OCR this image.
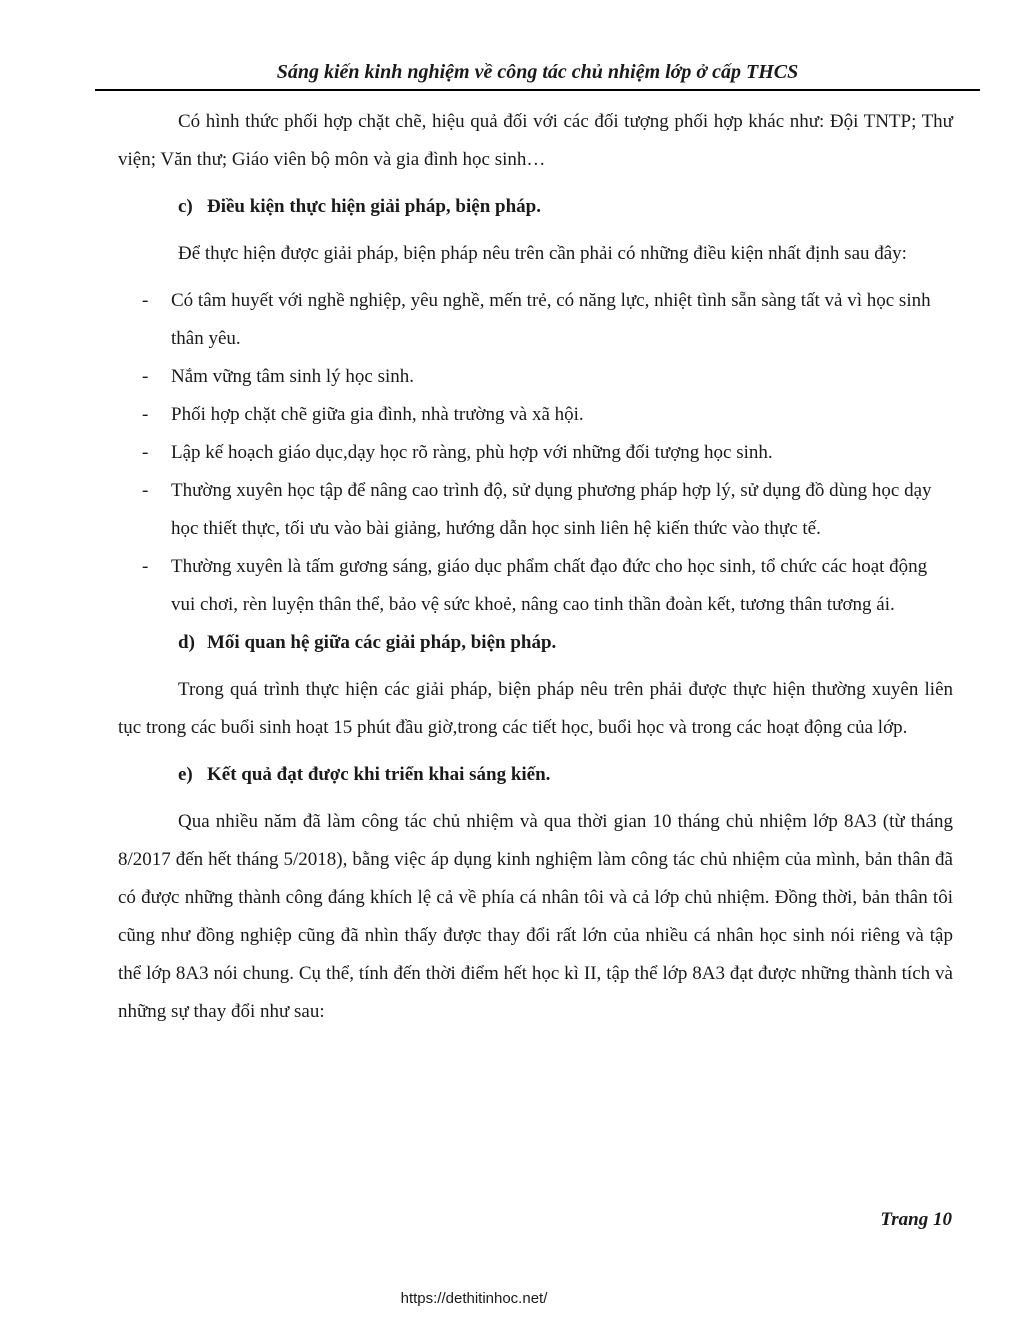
Sáng kiến kinh nghiệm về công tác chủ nhiệm lớp ở cấp THCS

Có hình thức phối hợp chặt chẽ, hiệu quả đối với các đối tượng phối hợp khác như: Đội TNTP; Thư viện; Văn thư; Giáo viên bộ môn và gia đình học sinh…

c) Điều kiện thực hiện giải pháp, biện pháp.

Để thực hiện được giải pháp, biện pháp nêu trên cần phải có những điều kiện nhất định sau đây:

- Có tâm huyết với nghề nghiệp, yêu nghề, mến trẻ, có năng lực, nhiệt tình sẵn sàng tất vả vì học sinh thân yêu.
- Nắm vững tâm sinh lý học sinh.
- Phối hợp chặt chẽ giữa gia đình, nhà trường và xã hội.
- Lập kế hoạch giáo dục,dạy học rõ ràng, phù hợp với những đối tượng học sinh.
- Thường xuyên học tập để nâng cao trình độ, sử dụng phương pháp hợp lý, sử dụng đồ dùng học dạy học thiết thực, tối ưu vào bài giảng, hướng dẫn học sinh liên hệ kiến thức vào thực tế.
- Thường xuyên là tấm gương sáng, giáo dục phẩm chất đạo đức cho học sinh, tổ chức các hoạt động vui chơi, rèn luyện thân thể, bảo vệ sức khoẻ, nâng cao tinh thần đoàn kết, tương thân tương ái.

d) Mối quan hệ giữa các giải pháp, biện pháp.

Trong quá trình thực hiện các giải pháp, biện pháp nêu trên phải được thực hiện thường xuyên liên tục trong các buổi sinh hoạt 15 phút đầu giờ,trong các tiết học, buổi học và trong các hoạt động của lớp.

e) Kết quả đạt được khi triển khai sáng kiến.

Qua nhiều năm đã làm công tác chủ nhiệm và qua thời gian 10 tháng chủ nhiệm lớp 8A3 (từ tháng 8/2017 đến hết tháng 5/2018), bằng việc áp dụng kinh nghiệm làm công tác chủ nhiệm của mình, bản thân đã có được những thành công đáng khích lệ cả về phía cá nhân tôi và cả lớp chủ nhiệm. Đồng thời, bản thân tôi cũng như đồng nghiệp cũng đã nhìn thấy được thay đổi rất lớn của nhiều cá nhân học sinh nói riêng và tập thể lớp 8A3 nói chung. Cụ thể, tính đến thời điểm hết học kì II, tập thể lớp 8A3 đạt được những thành tích và những sự thay đổi như sau:

Trang 10
https://dethitinhoc.net/
